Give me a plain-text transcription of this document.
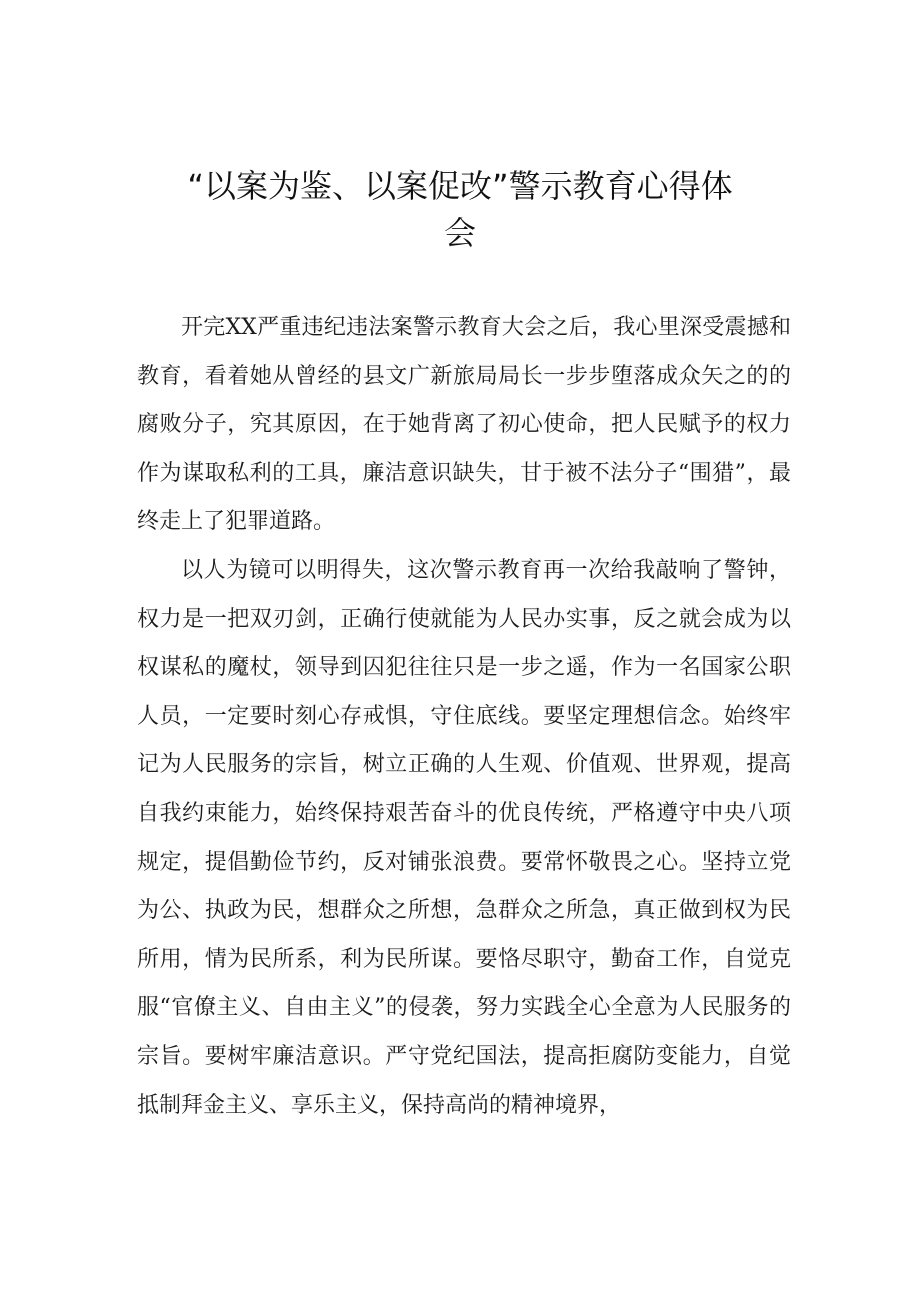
“以案为鉴、以案促改”警示教育心得体
会

开完XX严重违纪违法案警示教育大会之后，我心里深受震撼和教育，看着她从曾经的县文广新旅局局长一步步堕落成众矢之的的腐败分子，究其原因，在于她背离了初心使命，把人民赋予的权力作为谋取私利的工具，廉洁意识缺失，甘于被不法分子“围猎”，最终走上了犯罪道路。

以人为镜可以明得失，这次警示教育再一次给我敲响了警钟，权力是一把双刃剑，正确行使就能为人民办实事，反之就会成为以权谋私的魔杖，领导到囚犯往往只是一步之遥，作为一名国家公职人员，一定要时刻心存戒惧，守住底线。要坚定理想信念。始终牢记为人民服务的宗旨，树立正确的人生观、价值观、世界观，提高自我约束能力，始终保持艰苦奋斗的优良传统，严格遵守中央八项规定，提倡勤俭节约，反对铺张浪费。要常怀敬畏之心。坚持立党为公、执政为民，想群众之所想，急群众之所急，真正做到权为民所用，情为民所系，利为民所谋。要恪尽职守，勤奋工作，自觉克服“官僚主义、自由主义”的侵袭，努力实践全心全意为人民服务的宗旨。要树牢廉洁意识。严守党纪国法，提高拒腐防变能力，自觉抵制拜金主义、享乐主义，保持高尚的精神境界，
